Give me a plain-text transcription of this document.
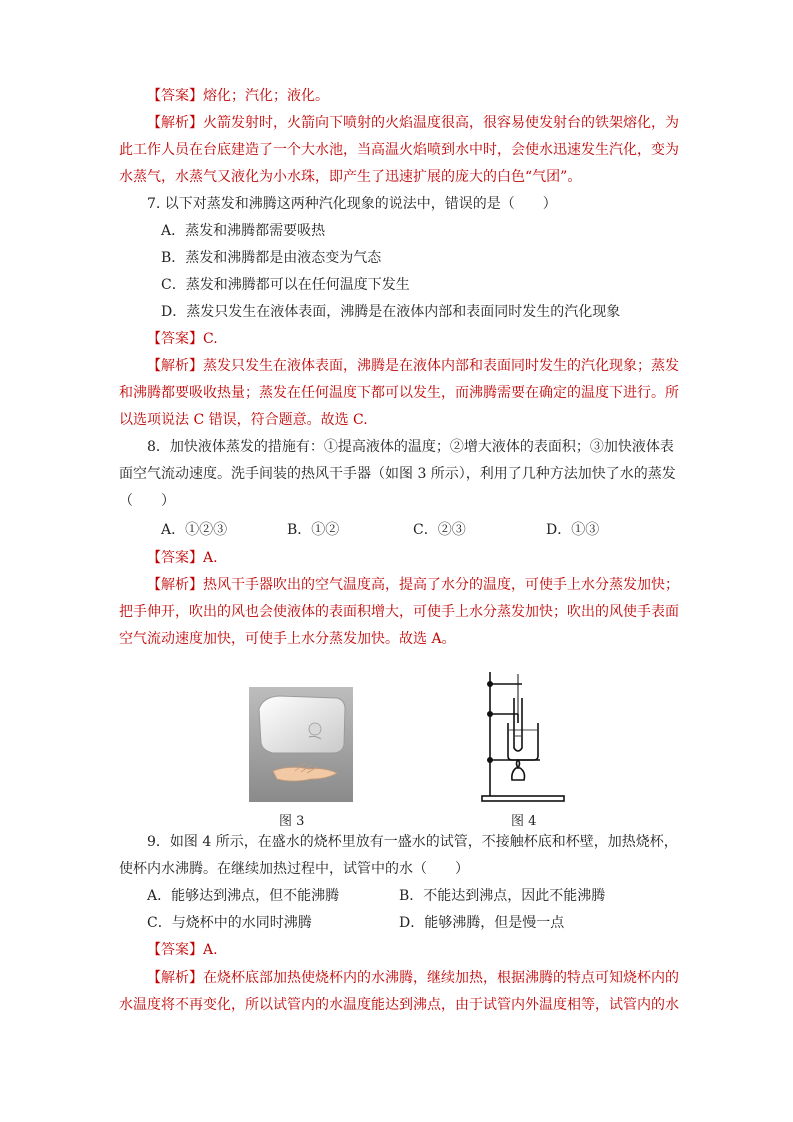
【答案】熔化；汽化；液化。
【解析】火箭发射时，火箭向下喷射的火焰温度很高，很容易使发射台的铁架熔化，为
此工作人员在台底建造了一个大水池，当高温火焰喷到水中时，会使水迅速发生汽化，变为
水蒸气，水蒸气又液化为小水珠，即产生了迅速扩展的庞大的白色“气团”。
7. 以下对蒸发和沸腾这两种汽化现象的说法中，错误的是（　　）
A．蒸发和沸腾都需要吸热
B．蒸发和沸腾都是由液态变为气态
C．蒸发和沸腾都可以在任何温度下发生
D．蒸发只发生在液体表面，沸腾是在液体内部和表面同时发生的汽化现象
【答案】C.
【解析】蒸发只发生在液体表面，沸腾是在液体内部和表面同时发生的汽化现象；蒸发
和沸腾都要吸收热量；蒸发在任何温度下都可以发生，而沸腾需要在确定的温度下进行。所
以选项说法 C 错误，符合题意。故选 C.
8．加快液体蒸发的措施有：①提高液体的温度；②增大液体的表面积；③加快液体表
面空气流动速度。洗手间装的热风干手器（如图 3 所示），利用了几种方法加快了水的蒸发
（　　）
A．①②③	B．①②	C．②③	D．①③
【答案】A.
【解析】热风干手器吹出的空气温度高，提高了水分的温度，可使手上水分蒸发加快；
把手伸开，吹出的风也会使液体的表面积增大，可使手上水分蒸发加快；吹出的风使手表面
空气流动速度加快，可使手上水分蒸发加快。故选 A。
9．如图 4 所示，在盛水的烧杯里放有一盛水的试管，不接触杯底和杯壁，加热烧杯，
使杯内水沸腾。在继续加热过程中，试管中的水（　　）
A．能够达到沸点，但不能沸腾	B．不能达到沸点，因此不能沸腾
C．与烧杯中的水同时沸腾	D．能够沸腾，但是慢一点
【答案】A.
【解析】在烧杯底部加热使烧杯内的水沸腾，继续加热，根据沸腾的特点可知烧杯内的
水温度将不再变化，所以试管内的水温度能达到沸点，由于试管内外温度相等，试管内的水
图 3	图 4
